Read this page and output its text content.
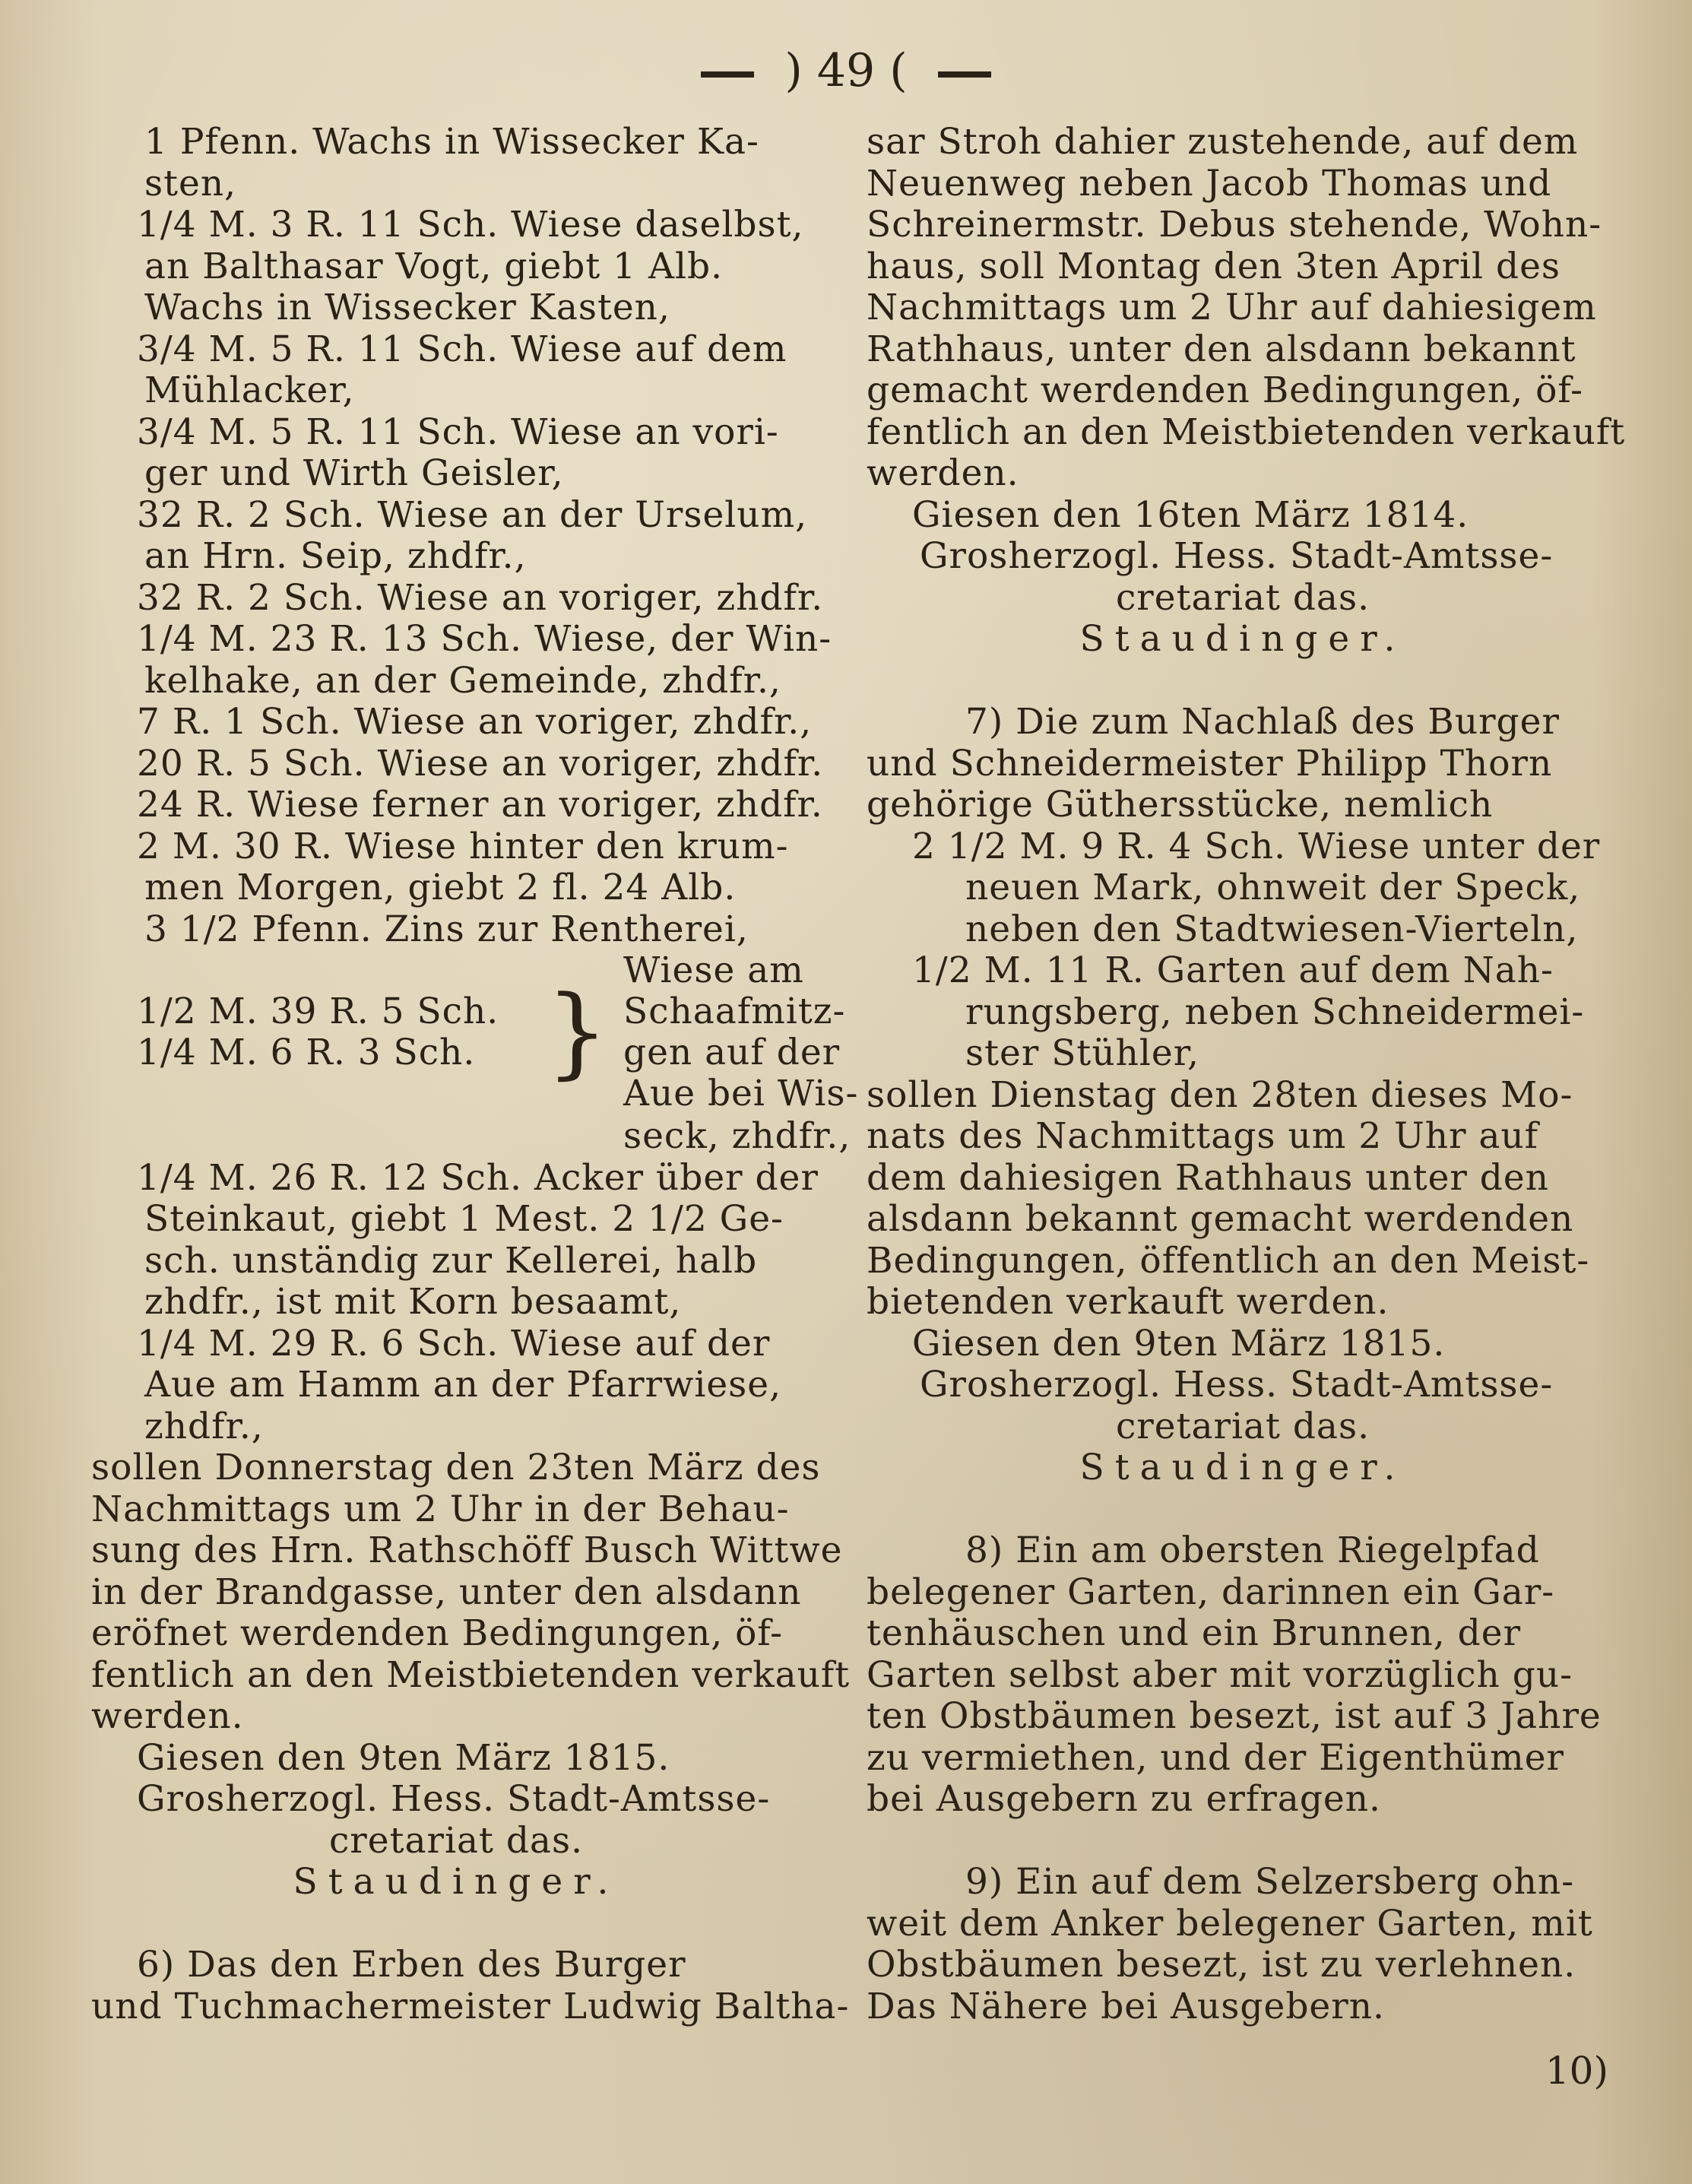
) 49 (
1 Pfenn. Wachs in Wissecker Ka-
sten,
1/4 M. 3 R. 11 Sch. Wiese daselbst,
an Balthasar Vogt, giebt 1 Alb.
Wachs in Wissecker Kasten,
3/4 M. 5 R. 11 Sch. Wiese auf dem
Mühlacker,
3/4 M. 5 R. 11 Sch. Wiese an vori-
ger und Wirth Geisler,
32 R. 2 Sch. Wiese an der Urselum,
an Hrn. Seip, zhdfr.,
32 R. 2 Sch. Wiese an voriger, zhdfr.
1/4 M. 23 R. 13 Sch. Wiese, der Win-
kelhake, an der Gemeinde, zhdfr.,
7 R. 1 Sch. Wiese an voriger, zhdfr.,
20 R. 5 Sch. Wiese an voriger, zhdfr.
24 R. Wiese ferner an voriger, zhdfr.
2 M. 30 R. Wiese hinter den krum-
men Morgen, giebt 2 fl. 24 Alb.
3 1/2 Pfenn. Zins zur Rentherei,
1/2 M. 39 R. 5 Sch.
1/4 M. 6 R. 3 Sch. }
Wiese am
Schaafmitz-
gen auf der
Aue bei Wis-
seck, zhdfr.,
1/4 M. 26 R. 12 Sch. Acker über der
Steinkaut, giebt 1 Mest. 2 1/2 Ge-
sch. unständig zur Kellerei, halb
zhdfr., ist mit Korn besaamt,
1/4 M. 29 R. 6 Sch. Wiese auf der
Aue am Hamm an der Pfarrwiese,
zhdfr.,
sollen Donnerstag den 23ten März des
Nachmittags um 2 Uhr in der Behau-
sung des Hrn. Rathschöff Busch Wittwe
in der Brandgasse, unter den alsdann
eröfnet werdenden Bedingungen, öf-
fentlich an den Meistbietenden verkauft
werden.
Giesen den 9ten März 1815.
Grosherzogl. Hess. Stadt-Amtsse-
cretariat das.
Staudinger.
6) Das den Erben des Burger
und Tuchmachermeister Ludwig Baltha-
sar Stroh dahier zustehende, auf dem
Neuenweg neben Jacob Thomas und
Schreinermstr. Debus stehende, Wohn-
haus, soll Montag den 3ten April des
Nachmittags um 2 Uhr auf dahiesigem
Rathhaus, unter den alsdann bekannt
gemacht werdenden Bedingungen, öf-
fentlich an den Meistbietenden verkauft
werden.
Giesen den 16ten März 1814.
Grosherzogl. Hess. Stadt-Amtsse-
cretariat das.
Staudinger.
7) Die zum Nachlaß des Burger
und Schneidermeister Philipp Thorn
gehörige Güthersstücke, nemlich
2 1/2 M. 9 R. 4 Sch. Wiese unter der
neuen Mark, ohnweit der Speck,
neben den Stadtwiesen-Vierteln,
1/2 M. 11 R. Garten auf dem Nah-
rungsberg, neben Schneidermei-
ster Stühler,
sollen Dienstag den 28ten dieses Mo-
nats des Nachmittags um 2 Uhr auf
dem dahiesigen Rathhaus unter den
alsdann bekannt gemacht werdenden
Bedingungen, öffentlich an den Meist-
bietenden verkauft werden.
Giesen den 9ten März 1815.
Grosherzogl. Hess. Stadt-Amtsse-
cretariat das.
Staudinger.
8) Ein am obersten Riegelpfad
belegener Garten, darinnen ein Gar-
tenhäuschen und ein Brunnen, der
Garten selbst aber mit vorzüglich gu-
ten Obstbäumen besezt, ist auf 3 Jahre
zu vermiethen, und der Eigenthümer
bei Ausgebern zu erfragen.
9) Ein auf dem Selzersberg ohn-
weit dem Anker belegener Garten, mit
Obstbäumen besezt, ist zu verlehnen.
Das Nähere bei Ausgebern.
10)
